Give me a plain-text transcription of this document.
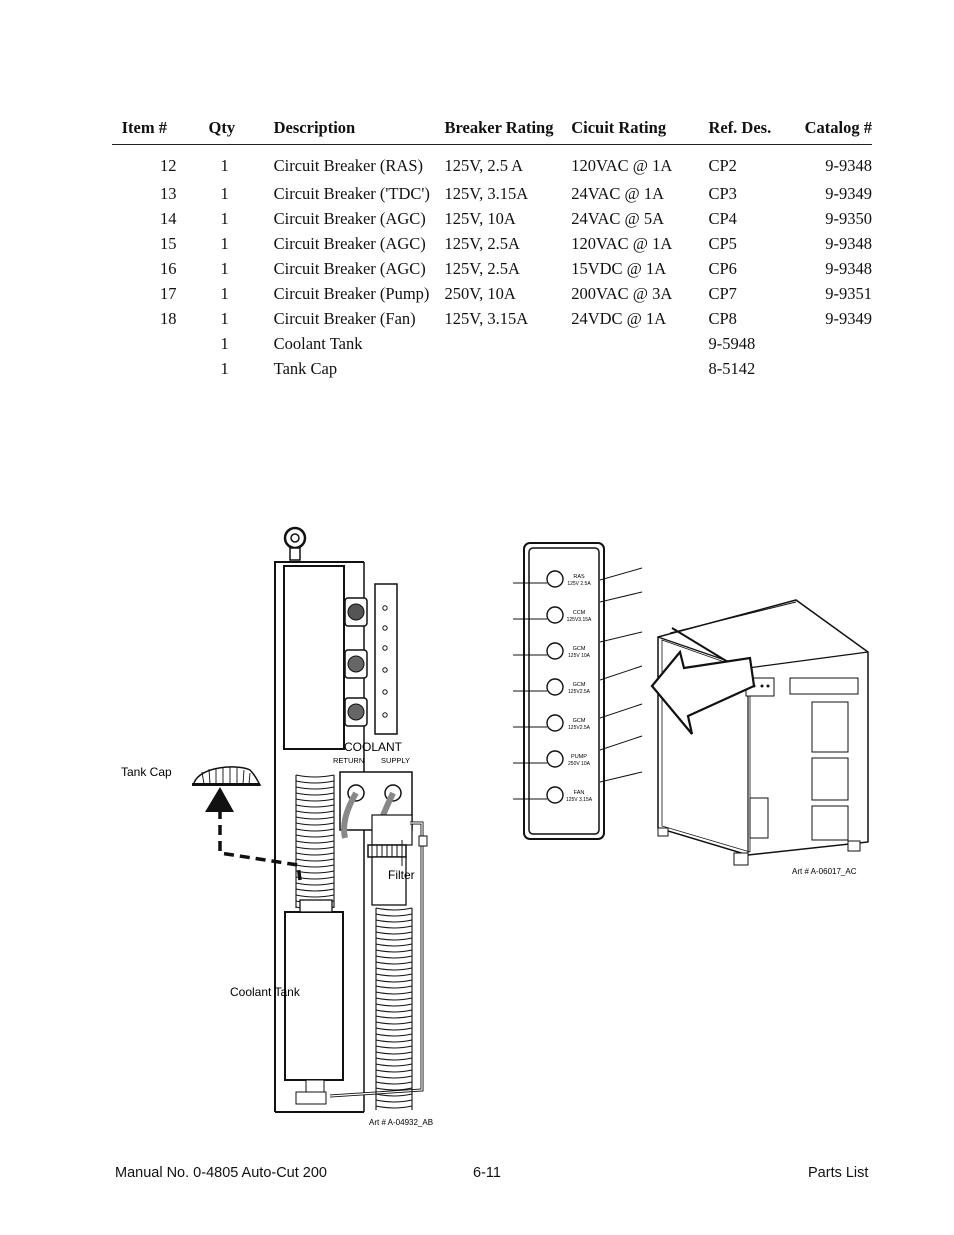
Item #	Qty	Description	Breaker Rating	Cicuit Rating	Ref. Des.	Catalog #
12	1	Circuit Breaker (RAS)	125V, 2.5 A	120VAC @ 1A	CP2	9-9348
13	1	Circuit Breaker ('TDC')	125V, 3.15A	24VAC @ 1A	CP3	9-9349
14	1	Circuit Breaker (AGC)	125V, 10A	24VAC @ 5A	CP4	9-9350
15	1	Circuit Breaker (AGC)	125V, 2.5A	120VAC @ 1A	CP5	9-9348
16	1	Circuit Breaker (AGC)	125V, 2.5A	15VDC @ 1A	CP6	9-9348
17	1	Circuit Breaker (Pump)	250V, 10A	200VAC @ 3A	CP7	9-9351
18	1	Circuit Breaker (Fan)	125V, 3.15A	24VDC @ 1A	CP8	9-9349
	1	Coolant Tank			9-5948	
	1	Tank Cap			8-5142	
COOLANT
RETURN SUPPLY
Filter
Coolant Tank
Tank Cap
Art # A-04932_AB
RAS
125V 2.5A
CCM
125V3.15A
GCM
125V 10A
GCM
125V2.5A
GCM
125V2.5A
PUMP
250V 10A
FAN
125V 3.15A
Art # A-06017_AC
Manual No. 0-4805 Auto-Cut 200	6-11	Parts List
